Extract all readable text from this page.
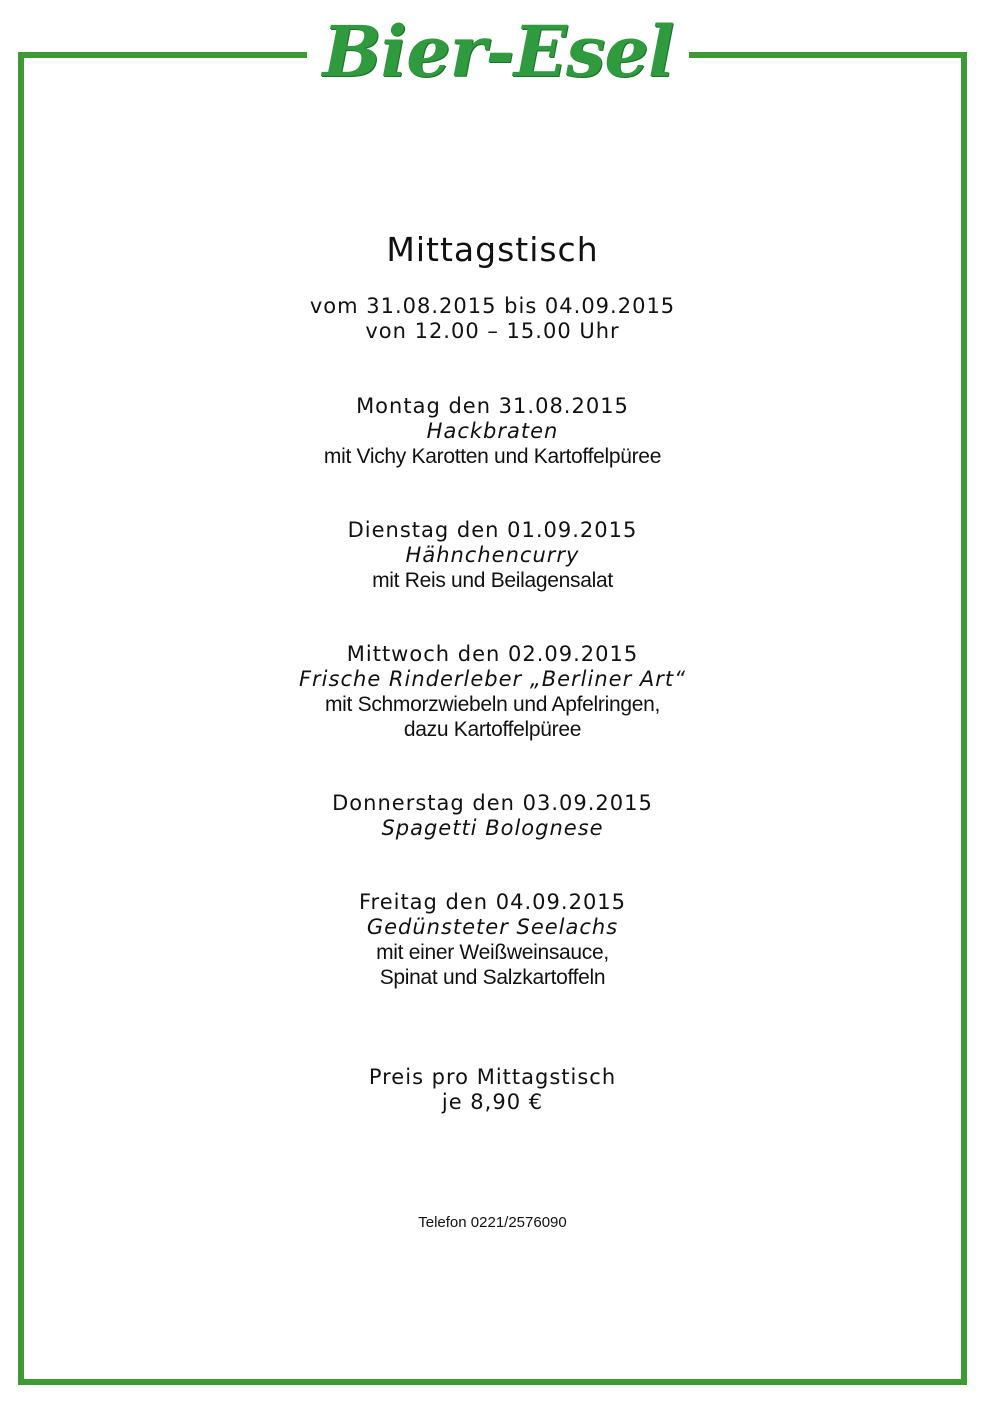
Bier-Esel
Mittagstisch
vom 31.08.2015 bis 04.09.2015
von 12.00 – 15.00 Uhr
Montag den 31.08.2015
Hackbraten
mit Vichy Karotten und Kartoffelpüree
Dienstag den 01.09.2015
Hähnchencurry
mit Reis und Beilagensalat
Mittwoch den 02.09.2015
Frische Rinderleber „Berliner Art“
mit Schmorzwiebeln und Apfelringen,
dazu Kartoffelpüree
Donnerstag den 03.09.2015
Spagetti Bolognese
Freitag den 04.09.2015
Gedünsteter Seelachs
mit einer Weißweinsauce,
Spinat und Salzkartoffeln
Preis pro Mittagstisch
je 8,90 €
Telefon 0221/2576090
